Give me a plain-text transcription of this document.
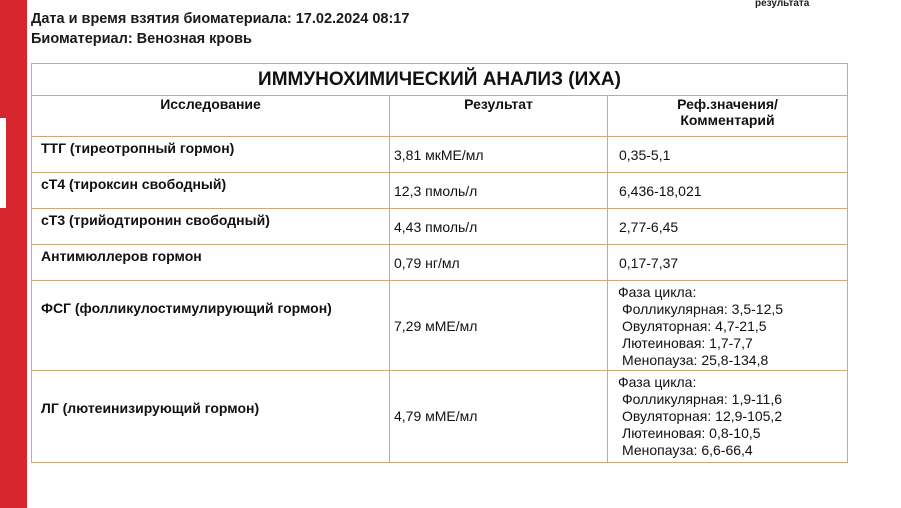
результата
Дата и время взятия биоматериала: 17.02.2024 08:17
Биоматериал: Венозная кровь
ИММУНОХИМИЧЕСКИЙ АНАЛИЗ (ИХА)		
Исследование	Результат	Реф.значения/
Комментарий

ТТГ (тиреотропный гормон)	3,81 мкМЕ/мл	0,35-5,1
сТ4 (тироксин свободный)	12,3 пмоль/л	6,436-18,021
сТ3 (трийодтиронин свободный)	4,43 пмоль/л	2,77-6,45
Антимюллеров гормон	0,79 нг/мл	0,17-7,37
ФСГ (фолликулостимулирующий гормон)	7,29 мМЕ/мл	Фаза цикла:
Фолликулярная: 3,5-12,5
Овуляторная: 4,7-21,5
Лютеиновая: 1,7-7,7
Менопауза: 25,8-134,8

ЛГ (лютеинизирующий гормон)	4,79 мМЕ/мл	Фаза цикла:
Фолликулярная: 1,9-11,6
Овуляторная: 12,9-105,2
Лютеиновая: 0,8-10,5
Менопауза: 6,6-66,4
